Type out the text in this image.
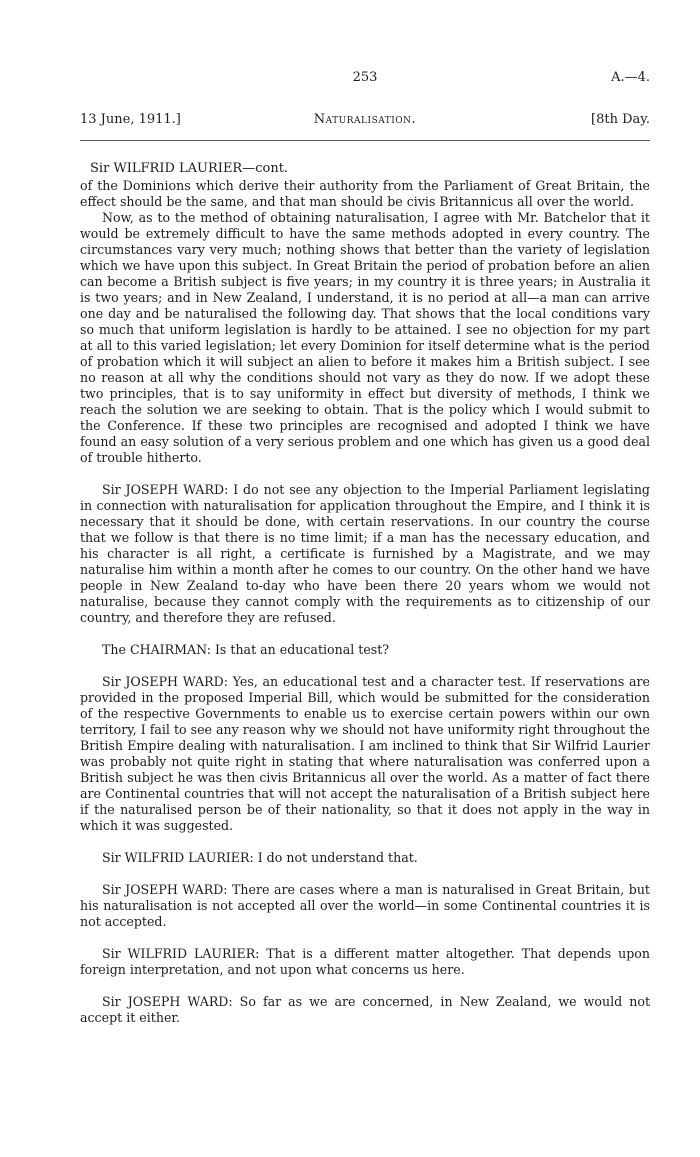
253	A.—4.
13 June, 1911.]	Naturalisation.	[8th Day.
Sir WILFRID LAURIER—cont.

of the Dominions which derive their authority from the Parliament of Great Britain, the effect should be the same, and that man should be civis Britannicus all over the world.

Now, as to the method of obtaining naturalisation, I agree with Mr. Batchelor that it would be extremely difficult to have the same methods adopted in every country. The circumstances vary very much; nothing shows that better than the variety of legislation which we have upon this subject. In Great Britain the period of probation before an alien can become a British subject is five years; in my country it is three years; in Australia it is two years; and in New Zealand, I understand, it is no period at all—a man can arrive one day and be naturalised the following day. That shows that the local conditions vary so much that uniform legislation is hardly to be attained. I see no objection for my part at all to this varied legislation; let every Dominion for itself determine what is the period of probation which it will subject an alien to before it makes him a British subject. I see no reason at all why the conditions should not vary as they do now. If we adopt these two principles, that is to say uniformity in effect but diversity of methods, I think we reach the solution we are seeking to obtain. That is the policy which I would submit to the Conference. If these two principles are recognised and adopted I think we have found an easy solution of a very serious problem and one which has given us a good deal of trouble hitherto.

Sir JOSEPH WARD: I do not see any objection to the Imperial Parliament legislating in connection with naturalisation for application throughout the Empire, and I think it is necessary that it should be done, with certain reservations. In our country the course that we follow is that there is no time limit; if a man has the necessary education, and his character is all right, a certificate is furnished by a Magistrate, and we may naturalise him within a month after he comes to our country. On the other hand we have people in New Zealand to-day who have been there 20 years whom we would not naturalise, because they cannot comply with the requirements as to citizenship of our country, and therefore they are refused.

The CHAIRMAN: Is that an educational test?

Sir JOSEPH WARD: Yes, an educational test and a character test. If reservations are provided in the proposed Imperial Bill, which would be submitted for the consideration of the respective Governments to enable us to exercise certain powers within our own territory, I fail to see any reason why we should not have uniformity right throughout the British Empire dealing with naturalisation. I am inclined to think that Sir Wilfrid Laurier was probably not quite right in stating that where naturalisation was conferred upon a British subject he was then civis Britannicus all over the world. As a matter of fact there are Continental countries that will not accept the naturalisation of a British subject here if the naturalised person be of their nationality, so that it does not apply in the way in which it was suggested.

Sir WILFRID LAURIER: I do not understand that.

Sir JOSEPH WARD: There are cases where a man is naturalised in Great Britain, but his naturalisation is not accepted all over the world—in some Continental countries it is not accepted.

Sir WILFRID LAURIER: That is a different matter altogether. That depends upon foreign interpretation, and not upon what concerns us here.

Sir JOSEPH WARD: So far as we are concerned, in New Zealand, we would not accept it either.
